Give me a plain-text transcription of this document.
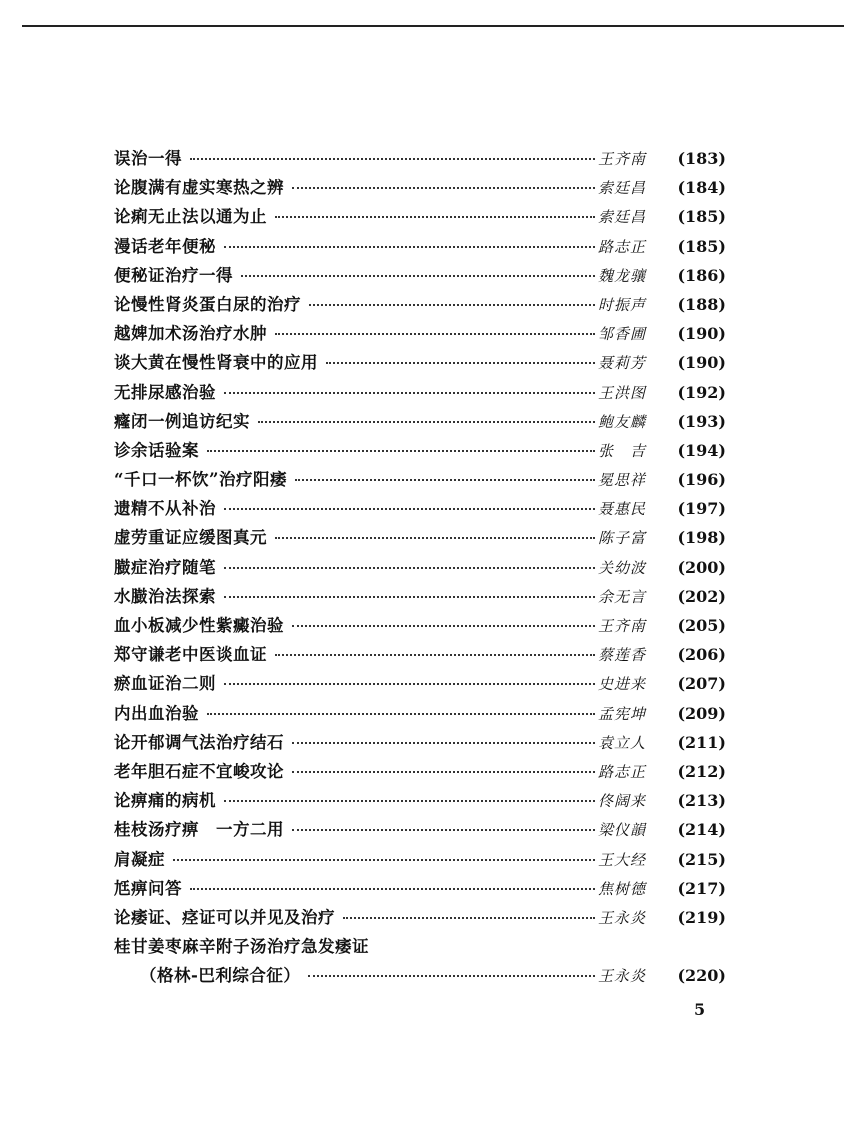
误治一得	王齐南	(183)
论腹满有虚实寒热之辨	索廷昌	(184)
论痢无止法以通为止	索廷昌	(185)
漫话老年便秘	路志正	(185)
便秘证治疗一得	魏龙骧	(186)
论慢性肾炎蛋白尿的治疗	时振声	(188)
越婢加术汤治疗水肿	邹香圃	(190)
谈大黄在慢性肾衰中的应用	聂莉芳	(190)
无排尿感治验	王洪图	(192)
癃闭一例追访纪实	鲍友麟	(193)
诊余话验案	张　吉	(194)
“千口一杯饮”治疗阳痿	冕思祥	(196)
遗精不从补治	聂惠民	(197)
虚劳重证应缓图真元	陈子富	(198)
臌症治疗随笔	关幼波	(200)
水臌治法探索	余无言	(202)
血小板减少性紫癜治验	王齐南	(205)
郑守谦老中医谈血证	蔡莲香	(206)
瘀血证治二则	史进来	(207)
内出血治验	孟宪坤	(209)
论开郁调气法治疗结石	袁立人	(211)
老年胆石症不宜峻攻论	路志正	(212)
论痹痛的病机	佟阔来	(213)
桂枝汤疗痹　一方二用	梁仪韻	(214)
肩凝症	王大经	(215)
尪痹问答	焦树德	(217)
论痿证、痉证可以并见及治疗	王永炎	(219)
桂甘姜枣麻辛附子汤治疗急发痿证
（格林-巴利综合征）	王永炎	(220)
5
